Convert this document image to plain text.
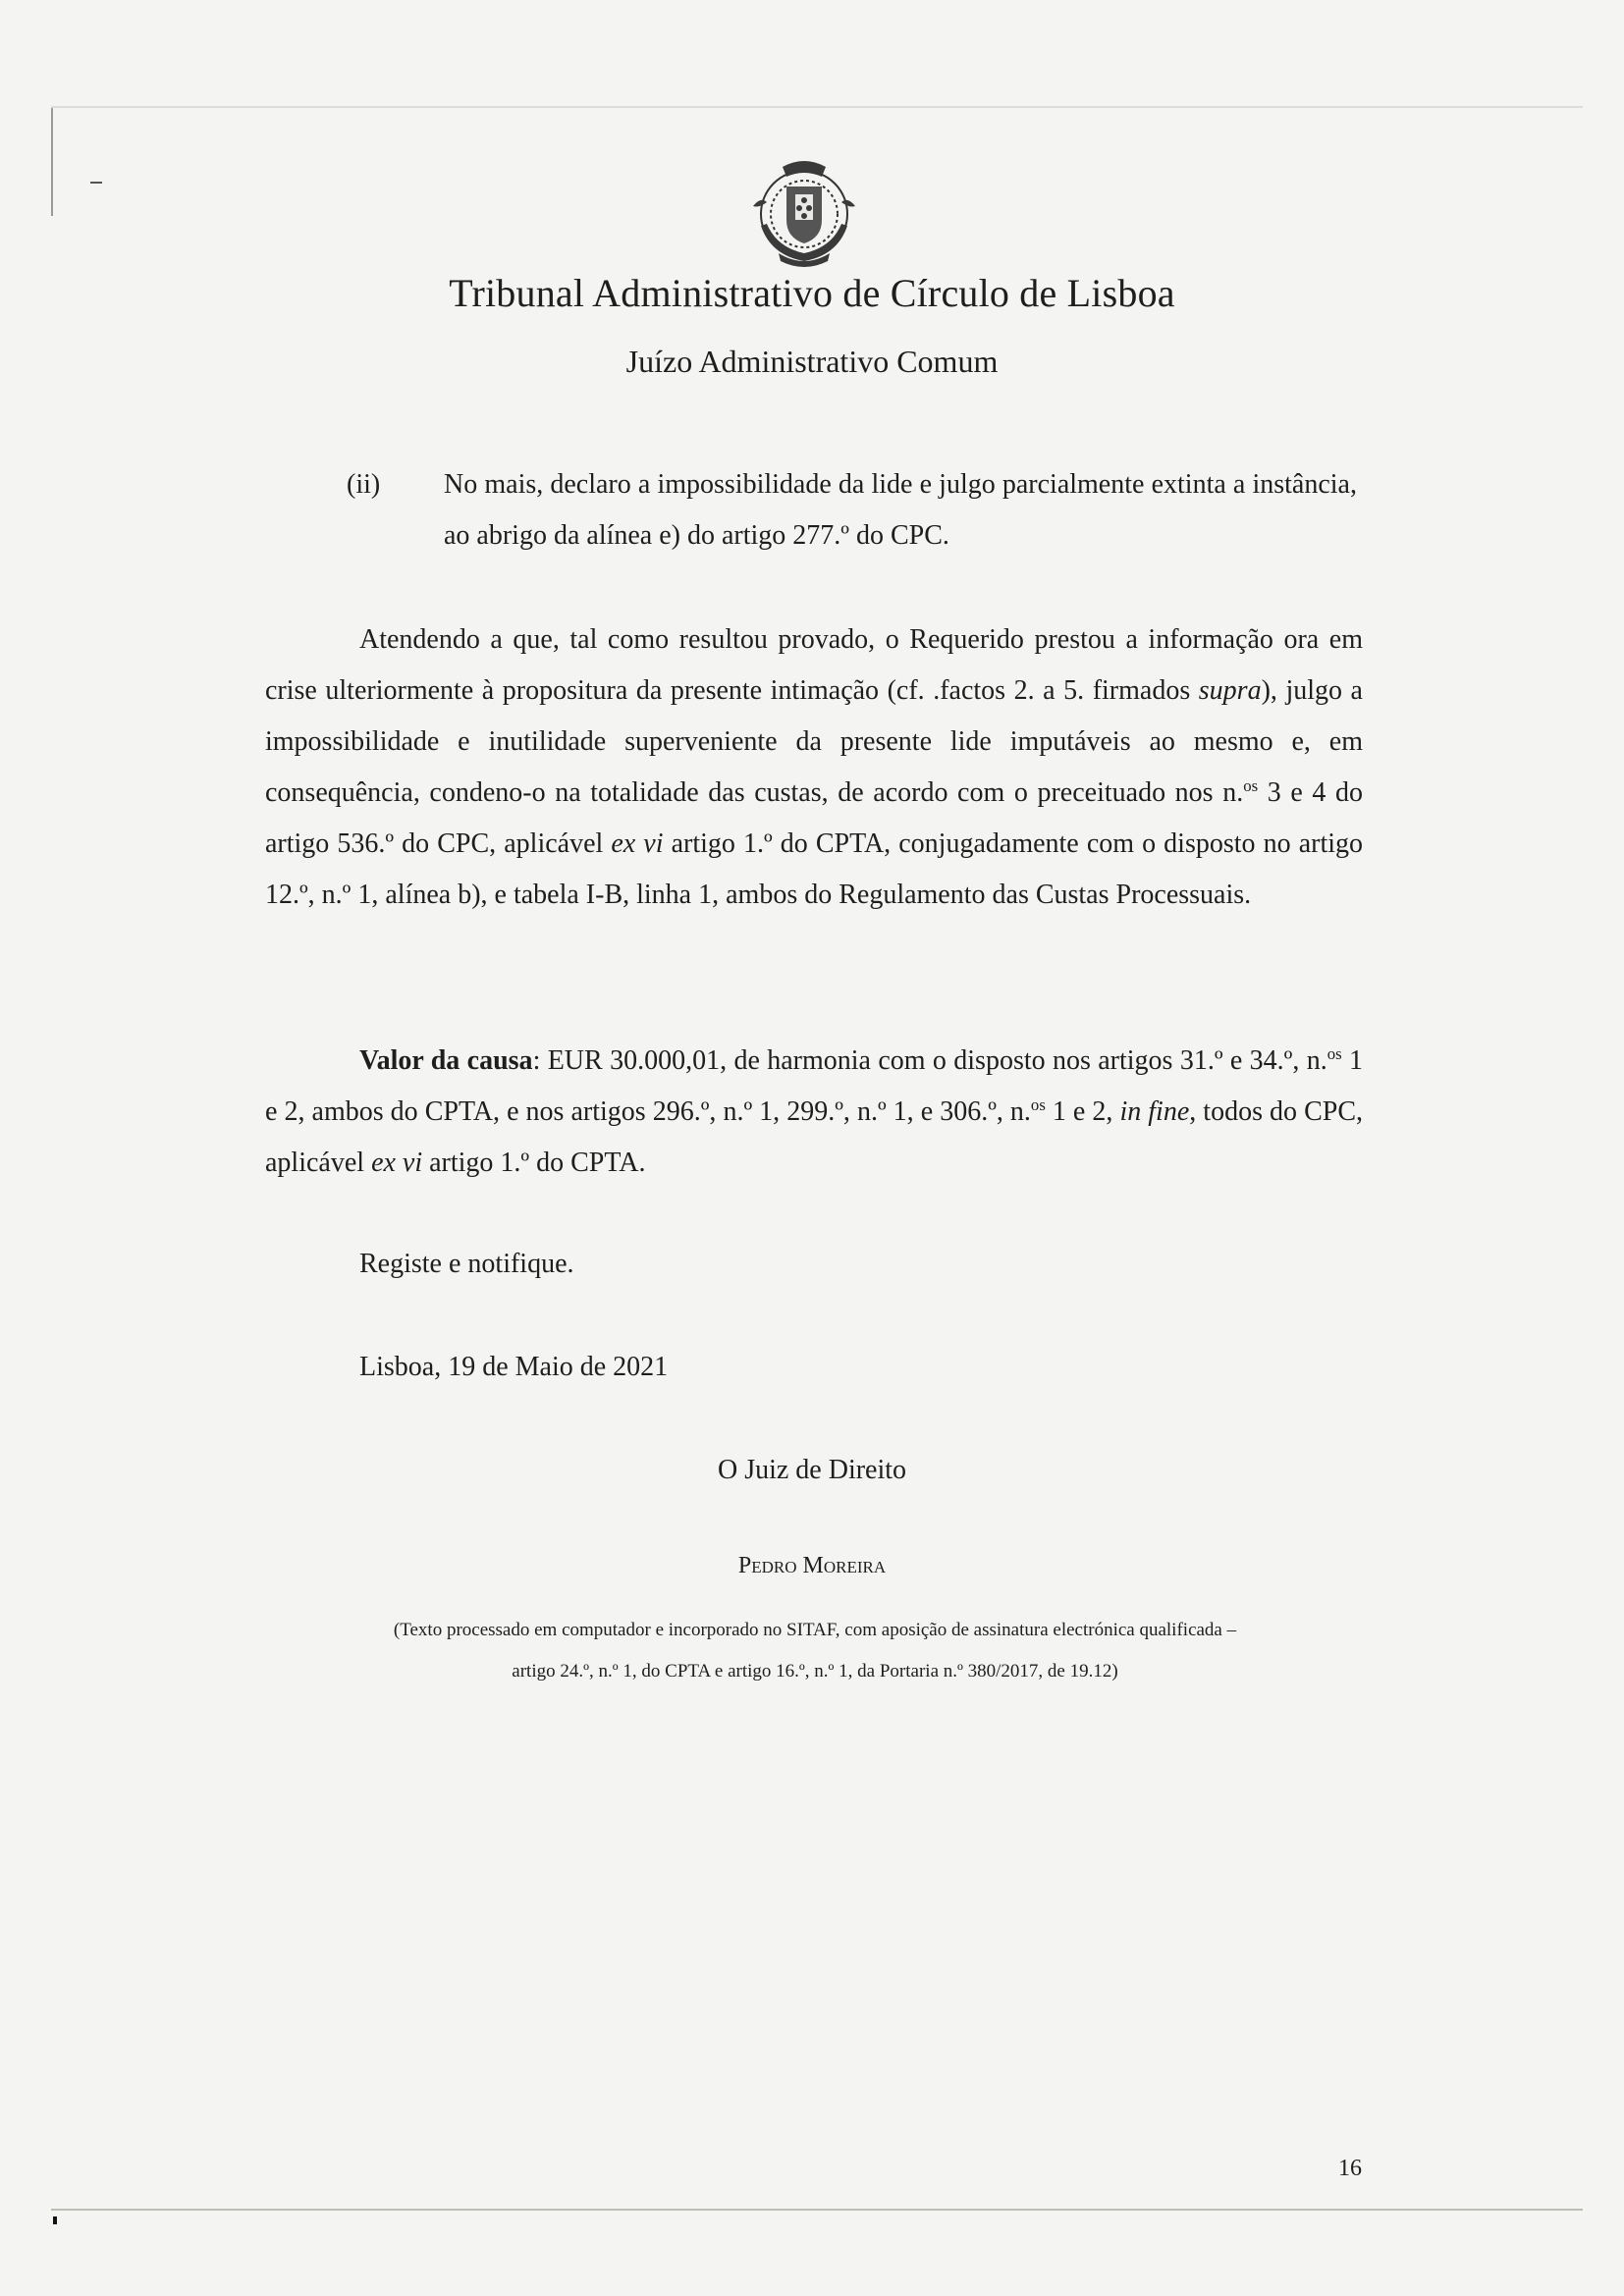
Tribunal Administrativo de Círculo de Lisboa
Juízo Administrativo Comum
(ii) No mais, declaro a impossibilidade da lide e julgo parcialmente extinta a instância, ao abrigo da alínea e) do artigo 277.º do CPC.
Atendendo a que, tal como resultou provado, o Requerido prestou a informação ora em crise ulteriormente à propositura da presente intimação (cf. .factos 2. a 5. firmados supra), julgo a impossibilidade e inutilidade superveniente da presente lide imputáveis ao mesmo e, em consequência, condeno-o na totalidade das custas, de acordo com o preceituado nos n.$^{os}$ 3 e 4 do artigo 536.º do CPC, aplicável ex vi artigo 1.º do CPTA, conjugadamente com o disposto no artigo 12.º, n.º 1, alínea b), e tabela I-B, linha 1, ambos do Regulamento das Custas Processuais.
Valor da causa: EUR 30.000,01, de harmonia com o disposto nos artigos 31.º e 34.º, n.$^{os}$ 1 e 2, ambos do CPTA, e nos artigos 296.º, n.º 1, 299.º, n.º 1, e 306.º, n.$^{os}$ 1 e 2, in fine, todos do CPC, aplicável ex vi artigo 1.º do CPTA.
Registe e notifique.
Lisboa, 19 de Maio de 2021
O Juiz de Direito
Pedro Moreira
(Texto processado em computador e incorporado no SITAF, com aposição de assinatura electrónica qualificada –
artigo 24.º, n.º 1, do CPTA e artigo 16.º, n.º 1, da Portaria n.º 380/2017, de 19.12)
16
